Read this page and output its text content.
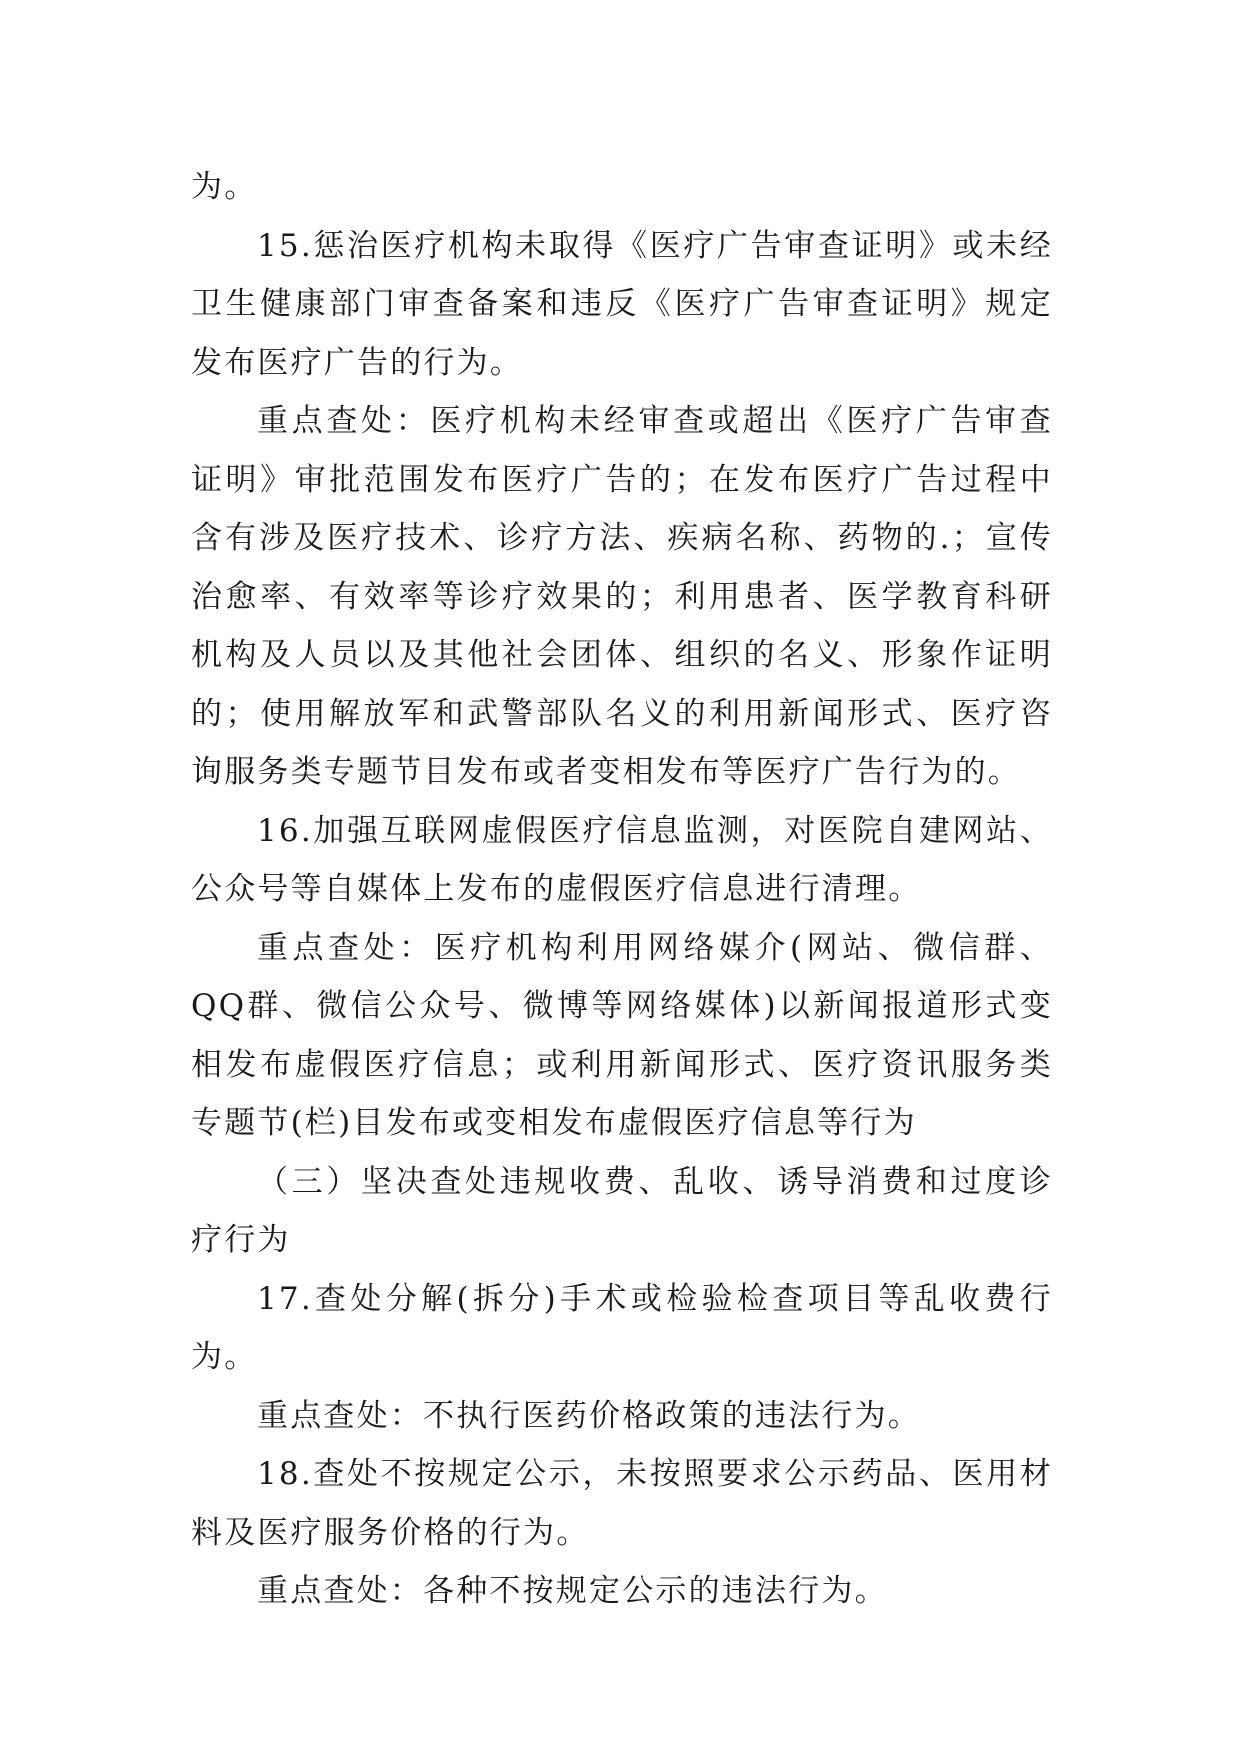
为。

15.惩治医疗机构未取得《医疗广告审查证明》或未经卫生健康部门审查备案和违反《医疗广告审查证明》规定发布医疗广告的行为。

重点查处：医疗机构未经审查或超出《医疗广告审查证明》审批范围发布医疗广告的；在发布医疗广告过程中含有涉及医疗技术、诊疗方法、疾病名称、药物的.；宣传治愈率、有效率等诊疗效果的；利用患者、医学教育科研机构及人员以及其他社会团体、组织的名义、形象作证明的；使用解放军和武警部队名义的利用新闻形式、医疗咨询服务类专题节目发布或者变相发布等医疗广告行为的。

16.加强互联网虚假医疗信息监测，对医院自建网站、公众号等自媒体上发布的虚假医疗信息进行清理。

重点查处：医疗机构利用网络媒介(网站、微信群、QQ群、微信公众号、微博等网络媒体)以新闻报道形式变相发布虚假医疗信息；或利用新闻形式、医疗资讯服务类专题节(栏)目发布或变相发布虚假医疗信息等行为

（三）坚决查处违规收费、乱收、诱导消费和过度诊疗行为

17.查处分解(拆分)手术或检验检查项目等乱收费行为。

重点查处：不执行医药价格政策的违法行为。

18.查处不按规定公示，未按照要求公示药品、医用材料及医疗服务价格的行为。

重点查处：各种不按规定公示的违法行为。
